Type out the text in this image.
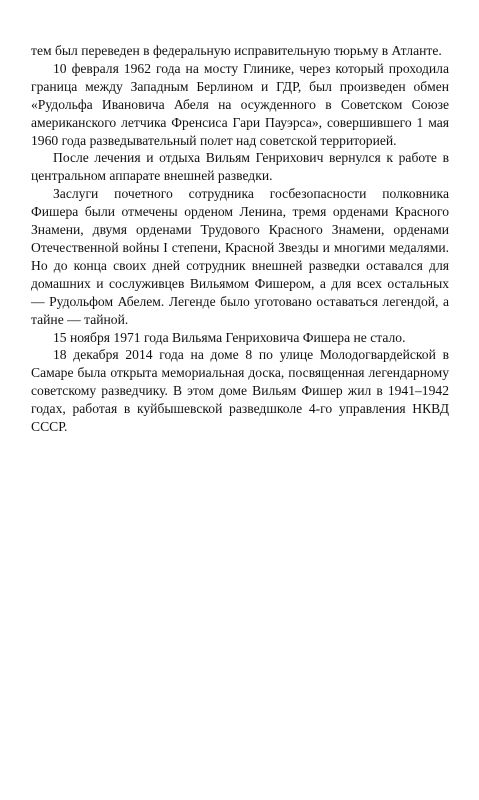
тем был переведен в федеральную исправительную тюрьму в Атланте.

10 февраля 1962 года на мосту Глинике, через который проходила граница между Западным Берлином и ГДР, был произведен обмен «Рудольфа Ивановича Абеля на осужденного в Советском Союзе американского летчика Френсиса Гари Пауэрса», совершившего 1 мая 1960 года разведывательный полет над советской территорией.

После лечения и отдыха Вильям Генрихович вернулся к работе в центральном аппарате внешней разведки.

Заслуги почетного сотрудника госбезопасности полковника Фишера были отмечены орденом Ленина, тремя орденами Красного Знамени, двумя орденами Трудового Красного Знамени, орденами Отечественной войны I степени, Красной Звезды и многими медалями. Но до конца своих дней сотрудник внешней разведки оставался для домашних и сослуживцев Вильямом Фишером, а для всех остальных — Рудольфом Абелем. Легенде было уготовано оставаться легендой, а тайне — тайной.

15 ноября 1971 года Вильяма Генриховича Фишера не стало.

18 декабря 2014 года на доме 8 по улице Молодогвардейской в Самаре была открыта мемориальная доска, посвященная легендарному советскому разведчику. В этом доме Вильям Фишер жил в 1941–1942 годах, работая в куйбышевской разведшколе 4-го управления НКВД СССР.
